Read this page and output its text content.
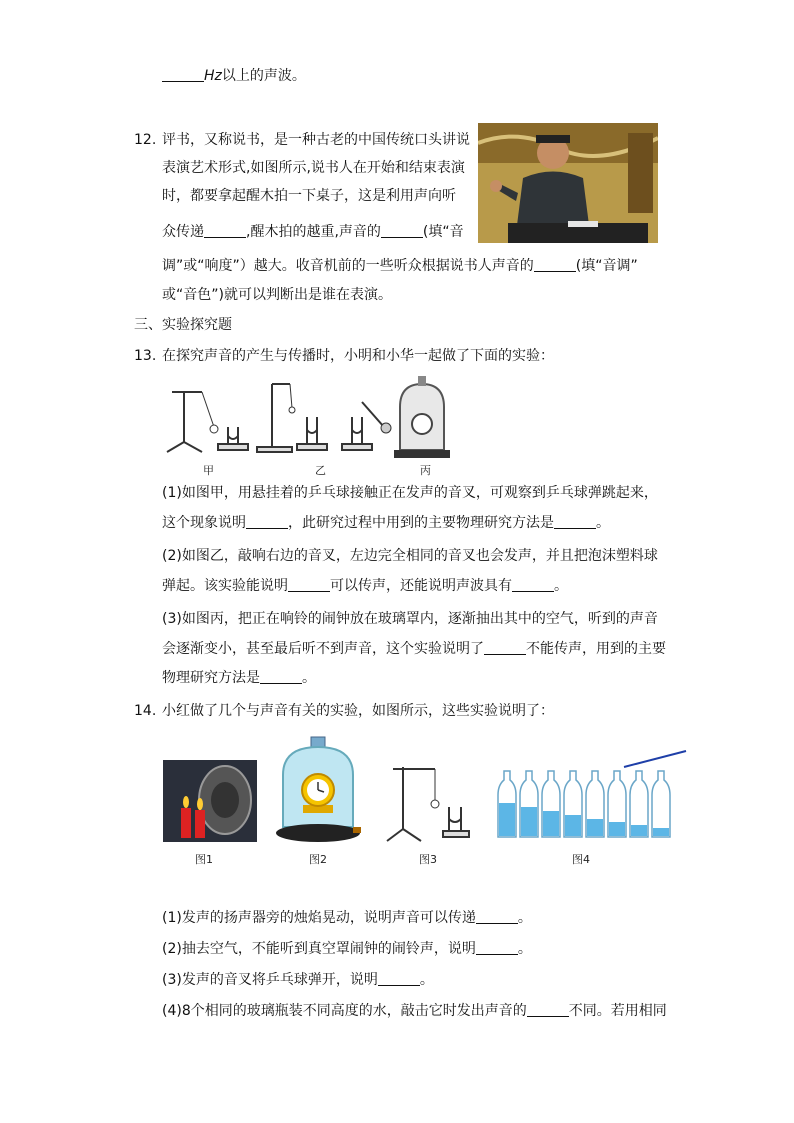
Hz以上的声波。
12. 评书，又称说书，是一种古老的中国传统口头讲说
表演艺术形式,如图所示,说书人在开始和结束表演
时，都要拿起醒木拍一下桌子，这是利用声向听
众传递	,醒木拍的越重,声音的	(填“音
调”或“响度”）越大。收音机前的一些听众根据说书人声音的	(填“音调”
或“音色”)就可以判断出是谁在表演。
三、实验探究题
13. 在探究声音的产生与传播时，小明和小华一起做了下面的实验：
甲	乙	丙
(1)如图甲，用悬挂着的乒乓球接触正在发声的音叉，可观察到乒乓球弹跳起来，
这个现象说明	，此研究过程中用到的主要物理研究方法是	。
(2)如图乙，敲响右边的音叉，左边完全相同的音叉也会发声，并且把泡沫塑料球
弹起。该实验能说明	可以传声，还能说明声波具有	。
(3)如图丙，把正在响铃的闹钟放在玻璃罩内，逐渐抽出其中的空气，听到的声音
会逐渐变小，甚至最后听不到声音，这个实验说明了	不能传声，用到的主要
物理研究方法是	。
14. 小红做了几个与声音有关的实验，如图所示，这些实验说明了：
图1	图2	图3	图4
(1)发声的扬声器旁的烛焰晃动，说明声音可以传递	。
(2)抽去空气，不能听到真空罩闹钟的闹铃声，说明	。
(3)发声的音叉将乒乓球弹开，说明	。
(4)8个相同的玻璃瓶装不同高度的水，敲击它时发出声音的	不同。若用相同
